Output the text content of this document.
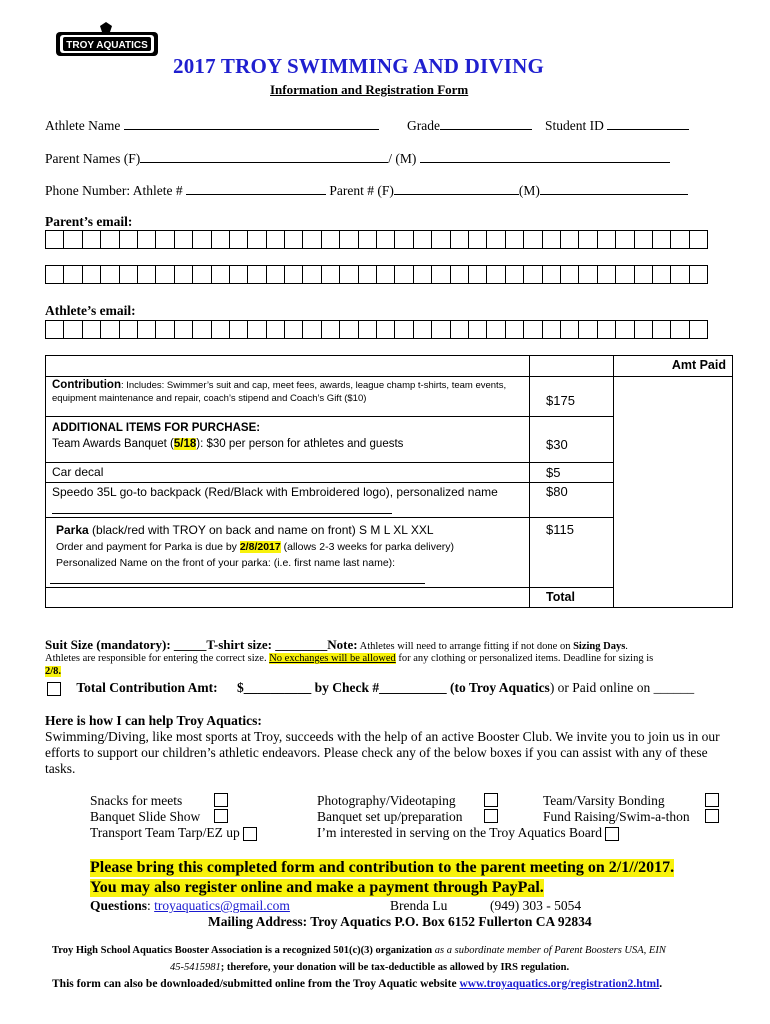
TROY AQUATICS
2017 TROY SWIMMING AND DIVING
Information and Registration Form
Athlete Name	Grade	Student ID
Parent Names (F)	/ (M)
Phone Number: Athlete #	Parent # (F)	(M)
Parent’s email:
Athlete’s email:
		Amt Paid
Contribution: Includes: Swimmer’s suit and cap, meet fees, awards, league champ t-shirts, team events, equipment maintenance and repair, coach’s stipend and Coach’s Gift ($10)	$175	
ADDITIONAL ITEMS FOR PURCHASE:
Team Awards Banquet (5/18): $30 per person for athletes and guests	$30	
Car decal	$5	
Speedo 35L go-to backpack (Red/Black with Embroidered logo), personalized name	$80	
Parka (black/red with TROY on back and name on front) S M L XL XXL
Order and payment for Parka is due by 2/8/2017 (allows 2-3 weeks for parka delivery)
Personalized Name on the front of your parka: (i.e. first name last name):	$115	
	Total	
Suit Size (mandatory): _____T-shirt size: ________Note: Athletes will need to arrange fitting if not done on Sizing Days.
Athletes are responsible for entering the correct size. No exchanges will be allowed for any clothing or personalized items. Deadline for sizing is
2/8.
Total Contribution Amt: $__________ by Check #__________ (to Troy Aquatics) or Paid online on ______
Here is how I can help Troy Aquatics:
Swimming/Diving, like most sports at Troy, succeeds with the help of an active Booster Club. We invite you to join us in our efforts to support our children’s athletic endeavors. Please check any of the below boxes if you can assist with any of these tasks.
Snacks for meets
Banquet Slide Show
Transport Team Tarp/EZ up
Photography/Videotaping
Banquet set up/preparation
I’m interested in serving on the Troy Aquatics Board
Team/Varsity Bonding
Fund Raising/Swim-a-thon
Please bring this completed form and contribution to the parent meeting on 2/1//2017.
You may also register online and make a payment through PayPal.
Questions: troyaquatics@gmail.com	Brenda Lu	(949) 303 - 5054
Mailing Address: Troy Aquatics P.O. Box 6152 Fullerton CA 92834
Troy High School Aquatics Booster Association is a recognized 501(c)(3) organization as a subordinate member of Parent Boosters USA, EIN
45-5415981; therefore, your donation will be tax-deductible as allowed by IRS regulation.
This form can also be downloaded/submitted online from the Troy Aquatic website www.troyaquatics.org/registration2.html.
